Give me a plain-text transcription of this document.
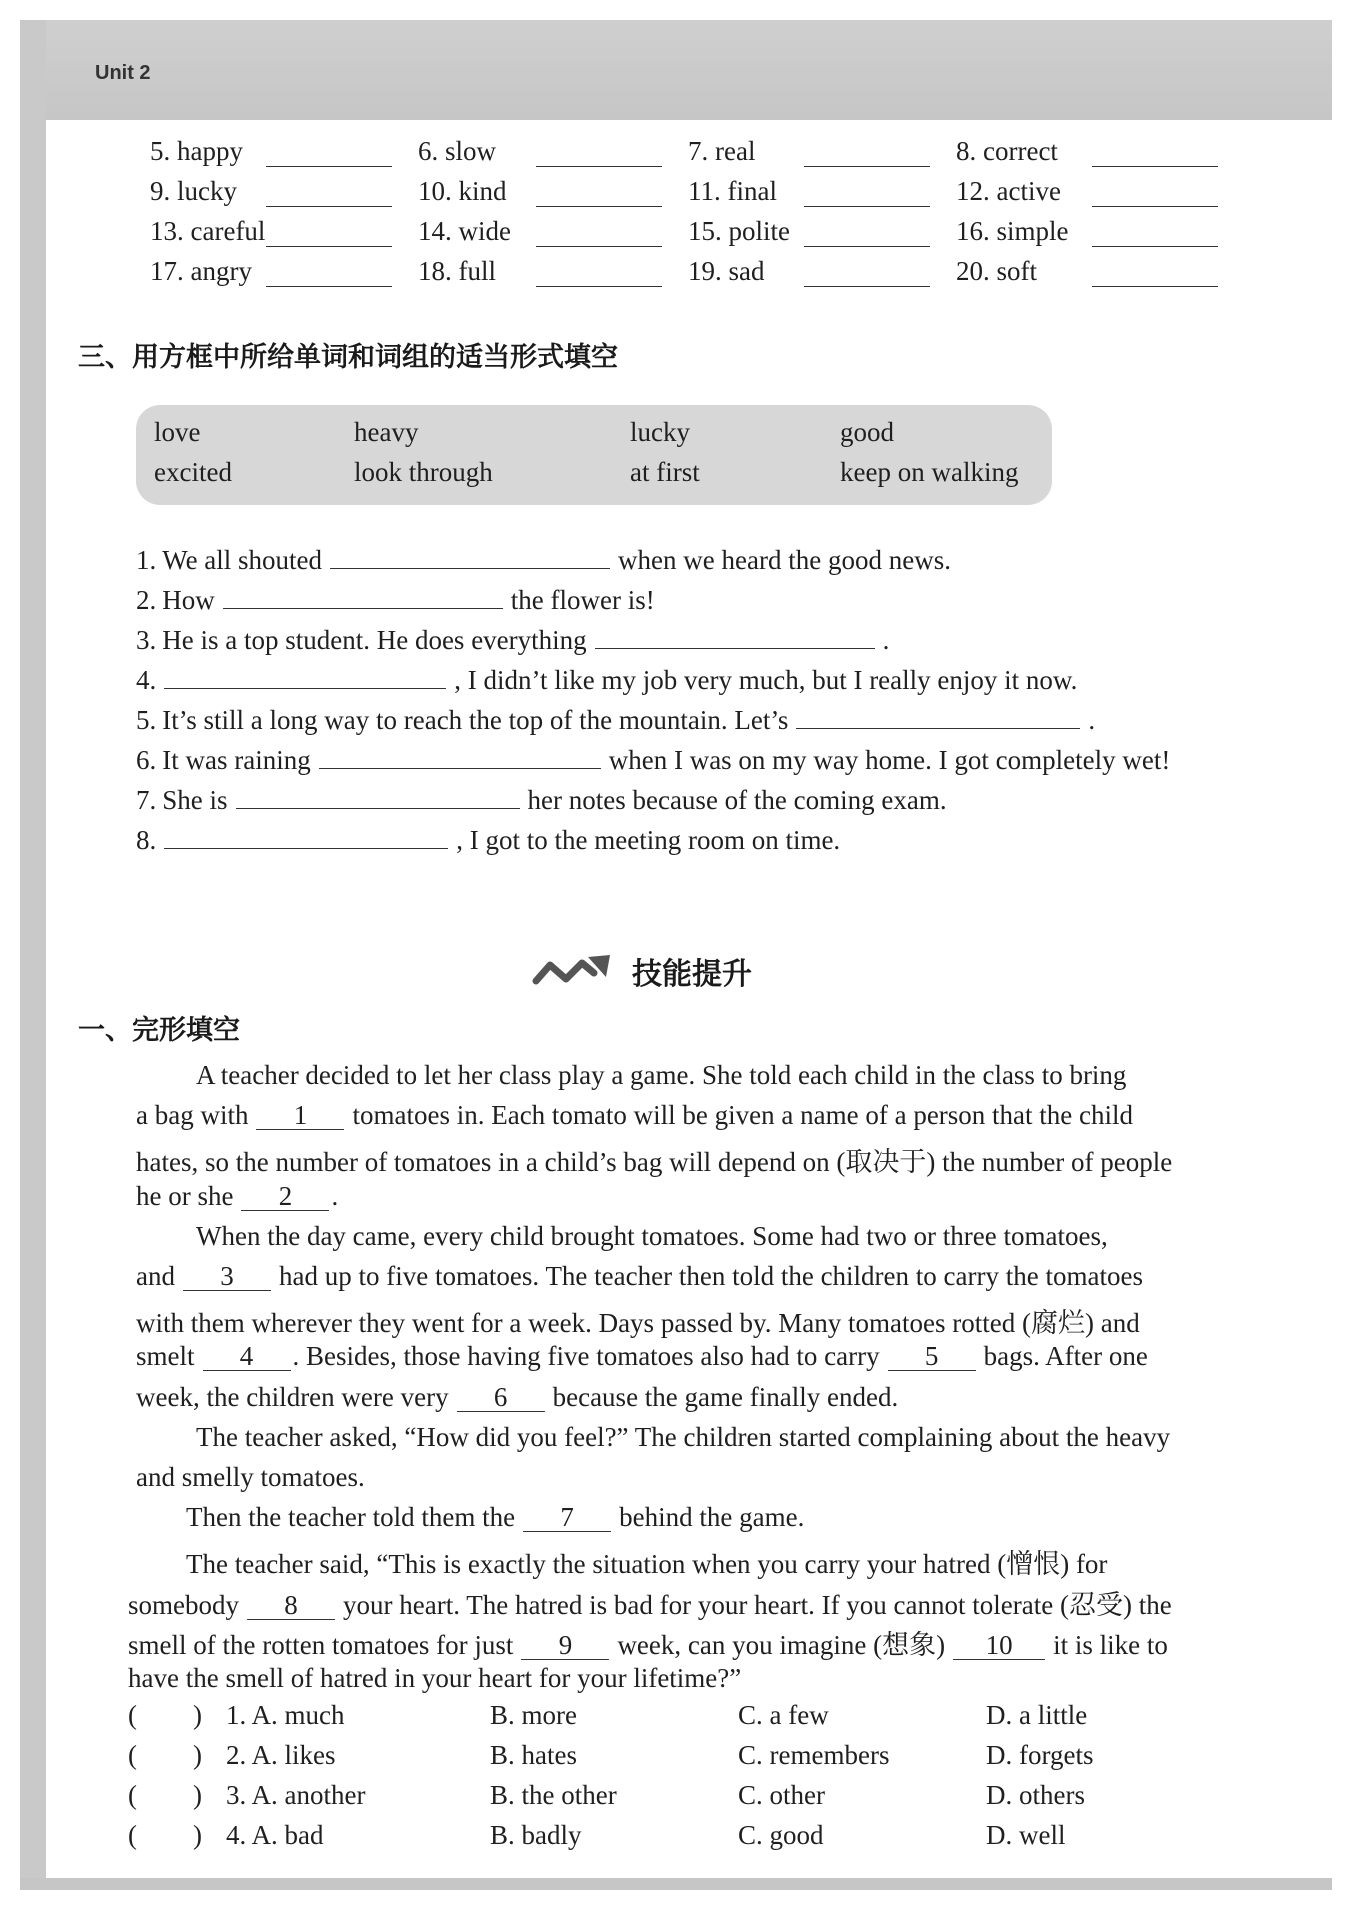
Unit 2
5. happy	6. slow	7. real	8. correct
9. lucky	10. kind	11. final	12. active
13. careful	14. wide	15. polite	16. simple
17. angry	18. full	19. sad	20. soft
三、用方框中所给单词和词组的适当形式填空
love	heavy	lucky	good
excited	look through	at first	keep on walking
1. We all shouted	when we heard the good news.
2. How	the flower is!
3. He is a top student. He does everything	.
4.	, I didn’t like my job very much, but I really enjoy it now.
5. It’s still a long way to reach the top of the mountain. Let’s	.
6. It was raining	when I was on my way home. I got completely wet!
7. She is	her notes because of the coming exam.
8.	, I got to the meeting room on time.
技能提升
一、完形填空
A teacher decided to let her class play a game. She told each child in the class to bring
a bag with 1 tomatoes in. Each tomato will be given a name of a person that the child
hates, so the number of tomatoes in a child’s bag will depend on (取决于) the number of people
he or she 2 .
When the day came, every child brought tomatoes. Some had two or three tomatoes,
and 3 had up to five tomatoes. The teacher then told the children to carry the tomatoes
with them wherever they went for a week. Days passed by. Many tomatoes rotted (腐烂) and
smelt 4 . Besides, those having five tomatoes also had to carry 5 bags. After one
week, the children were very 6 because the game finally ended.
The teacher asked, “How did you feel?” The children started complaining about the heavy
and smelly tomatoes.
Then the teacher told them the 7 behind the game.
The teacher said, “This is exactly the situation when you carry your hatred (憎恨) for
somebody 8 your heart. The hatred is bad for your heart. If you cannot tolerate (忍受) the
smell of the rotten tomatoes for just 9 week, can you imagine (想象) 10 it is like to
have the smell of hatred in your heart for your lifetime?”
( ) 1. A. much	B. more	C. a few	D. a little
( ) 2. A. likes	B. hates	C. remembers	D. forgets
( ) 3. A. another	B. the other	C. other	D. others
( ) 4. A. bad	B. badly	C. good	D. well
